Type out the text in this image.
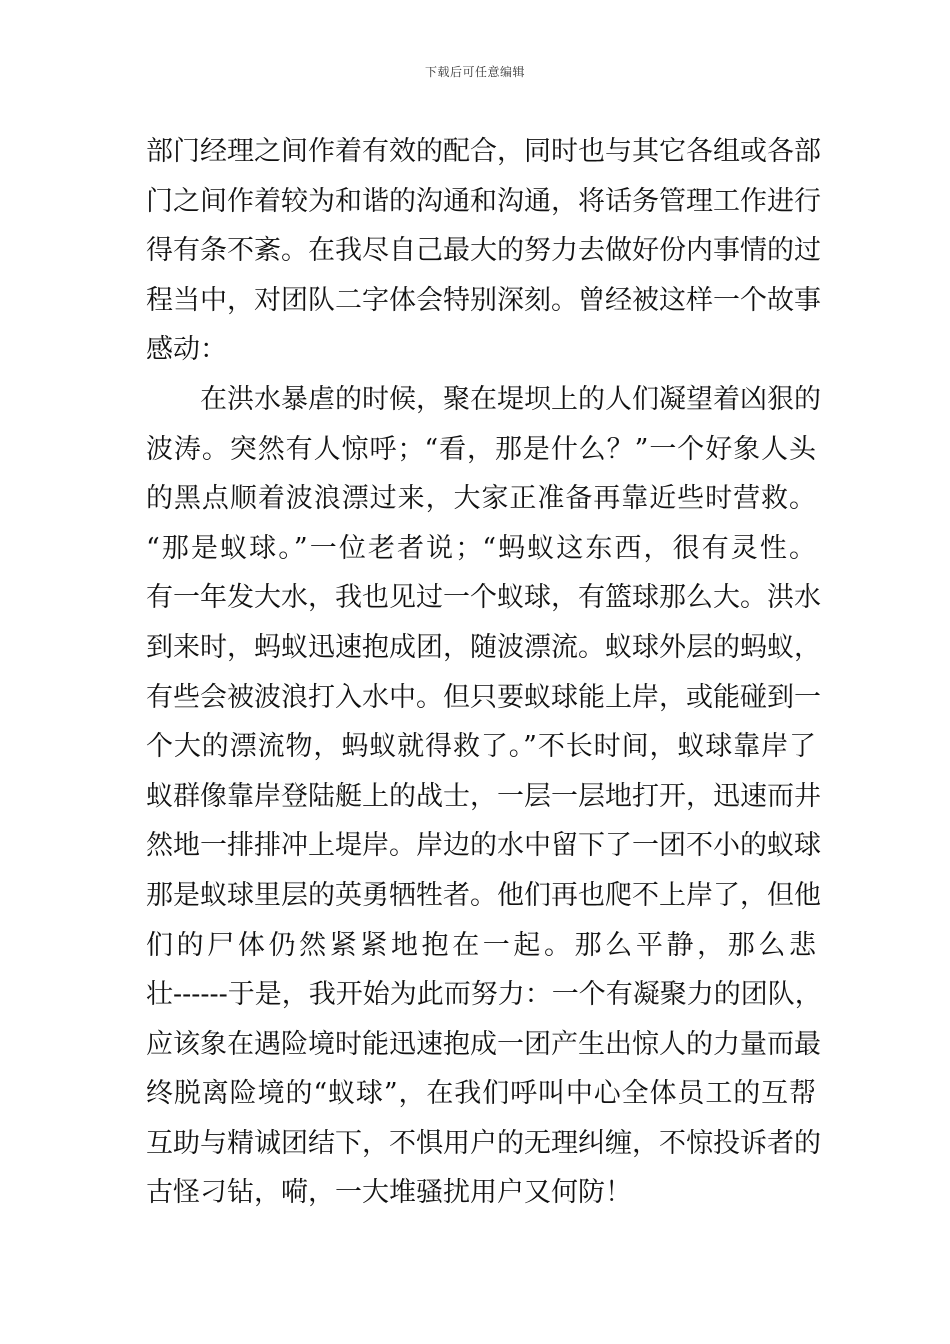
下载后可任意编辑
部门经理之间作着有效的配合，同时也与其它各组或各部
门之间作着较为和谐的沟通和沟通，将话务管理工作进行
得有条不紊。在我尽自己最大的努力去做好份内事情的过
程当中，对团队二字体会特别深刻。曾经被这样一个故事
感动：
在洪水暴虐的时候，聚在堤坝上的人们凝望着凶狠的
波涛。突然有人惊呼；“看，那是什么？”一个好象人头
的黑点顺着波浪漂过来，大家正准备再靠近些时营救。
“那是蚁球。”一位老者说；“蚂蚁这东西，很有灵性。
有一年发大水，我也见过一个蚁球，有篮球那么大。洪水
到来时，蚂蚁迅速抱成团，随波漂流。蚁球外层的蚂蚁，
有些会被波浪打入水中。但只要蚁球能上岸，或能碰到一
个大的漂流物，蚂蚁就得救了。”不长时间，蚁球靠岸了
蚁群像靠岸登陆艇上的战士，一层一层地打开，迅速而井
然地一排排冲上堤岸。岸边的水中留下了一团不小的蚁球
那是蚁球里层的英勇牺牲者。他们再也爬不上岸了，但他
们的尸体仍然紧紧地抱在一起。那么平静，那么悲
壮------于是，我开始为此而努力：一个有凝聚力的团队，
应该象在遇险境时能迅速抱成一团产生出惊人的力量而最
终脱离险境的“蚁球”，在我们呼叫中心全体员工的互帮
互助与精诚团结下，不惧用户的无理纠缠，不惊投诉者的
古怪刁钻，嗬，一大堆骚扰用户又何防！
